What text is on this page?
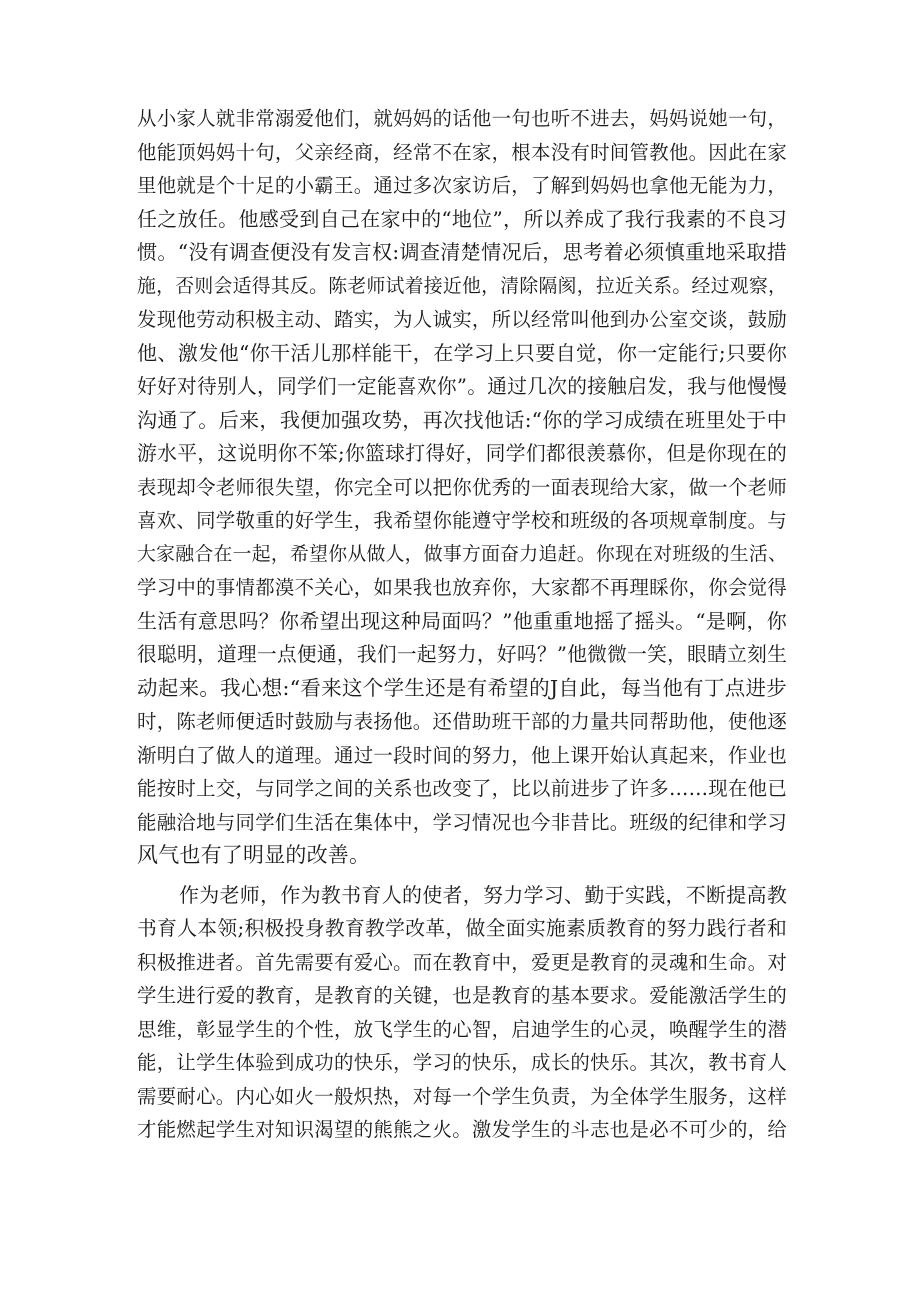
从小家人就非常溺爱他们，就妈妈的话他一句也听不进去，妈妈说她一句，
他能顶妈妈十句，父亲经商，经常不在家，根本没有时间管教他。因此在家
里他就是个十足的小霸王。通过多次家访后，了解到妈妈也拿他无能为力，
任之放任。他感受到自己在家中的“地位”，所以养成了我行我素的不良习
惯。“没有调查便没有发言权:调查清楚情况后，思考着必须慎重地采取措
施，否则会适得其反。陈老师试着接近他，清除隔阂，拉近关系。经过观察，
发现他劳动积极主动、踏实，为人诚实，所以经常叫他到办公室交谈，鼓励
他、激发他“你干活儿那样能干，在学习上只要自觉，你一定能行;只要你
好好对待别人，同学们一定能喜欢你”。通过几次的接触启发，我与他慢慢
沟通了。后来，我便加强攻势，再次找他话:“你的学习成绩在班里处于中
游水平，这说明你不笨;你篮球打得好，同学们都很羡慕你，但是你现在的
表现却令老师很失望，你完全可以把你优秀的一面表现给大家，做一个老师
喜欢、同学敬重的好学生，我希望你能遵守学校和班级的各项规章制度。与
大家融合在一起，希望你从做人，做事方面奋力追赶。你现在对班级的生活、
学习中的事情都漠不关心，如果我也放弃你，大家都不再理睬你，你会觉得
生活有意思吗？你希望出现这种局面吗？”他重重地摇了摇头。“是啊，你
很聪明，道理一点便通，我们一起努力，好吗？”他微微一笑，眼睛立刻生
动起来。我心想:“看来这个学生还是有希望的J自此，每当他有丁点进步
时，陈老师便适时鼓励与表扬他。还借助班干部的力量共同帮助他，使他逐
渐明白了做人的道理。通过一段时间的努力，他上课开始认真起来，作业也
能按时上交，与同学之间的关系也改变了，比以前进步了许多……现在他已
能融洽地与同学们生活在集体中，学习情况也今非昔比。班级的纪律和学习
风气也有了明显的改善。
作为老师，作为教书育人的使者，努力学习、勤于实践，不断提高教
书育人本领;积极投身教育教学改革，做全面实施素质教育的努力践行者和
积极推进者。首先需要有爱心。而在教育中，爱更是教育的灵魂和生命。对
学生进行爱的教育，是教育的关键，也是教育的基本要求。爱能激活学生的
思维，彰显学生的个性，放飞学生的心智，启迪学生的心灵，唤醒学生的潜
能，让学生体验到成功的快乐，学习的快乐，成长的快乐。其次，教书育人
需要耐心。内心如火一般炽热，对每一个学生负责，为全体学生服务，这样
才能燃起学生对知识渴望的熊熊之火。激发学生的斗志也是必不可少的，给
